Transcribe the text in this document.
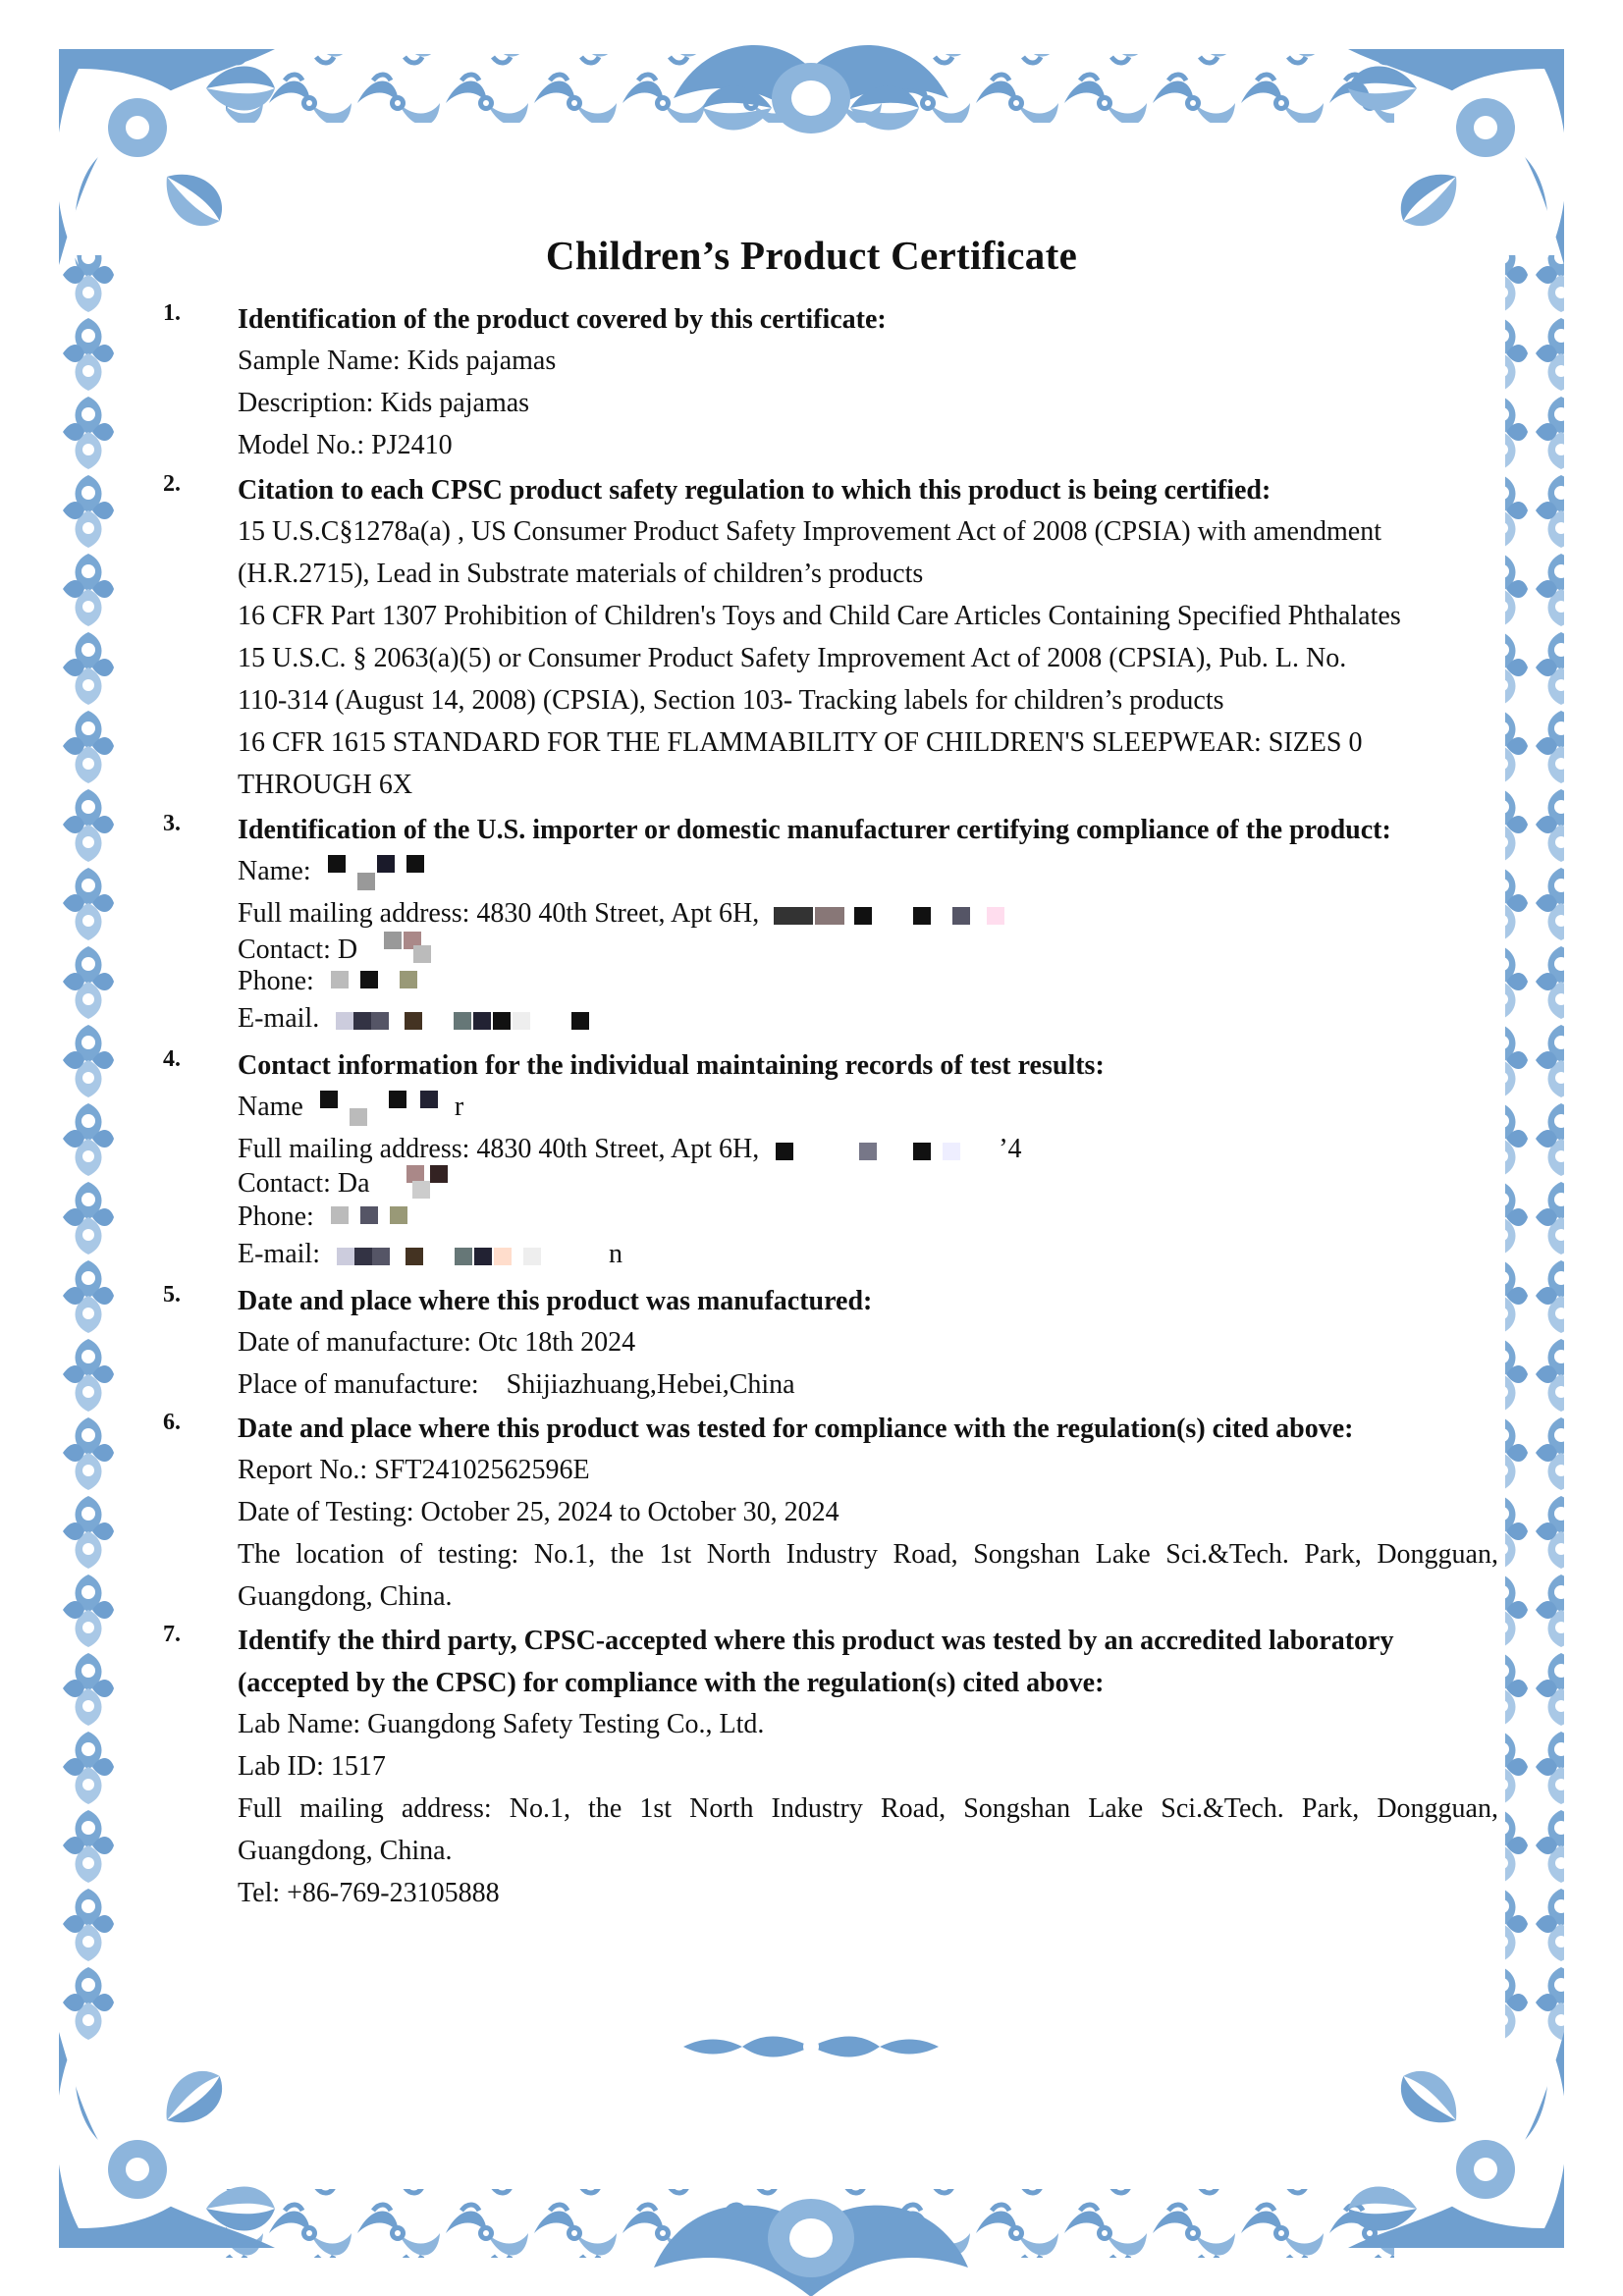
Children’s Product Certificate
1. Identification of the product covered by this certificate:
Sample Name: Kids pajamas
Description: Kids pajamas
Model No.: PJ2410
2. Citation to each CPSC product safety regulation to which this product is being certified:
15 U.S.C§1278a(a) , US Consumer Product Safety Improvement Act of 2008 (CPSIA) with amendment
(H.R.2715), Lead in Substrate materials of children’s products
16 CFR Part 1307 Prohibition of Children's Toys and Child Care Articles Containing Specified Phthalates
15 U.S.C. § 2063(a)(5) or Consumer Product Safety Improvement Act of 2008 (CPSIA), Pub. L. No.
110-314 (August 14, 2008) (CPSIA), Section 103- Tracking labels for children’s products
16 CFR 1615 STANDARD FOR THE FLAMMABILITY OF CHILDREN'S SLEEPWEAR: SIZES 0
THROUGH 6X
3. Identification of the U.S. importer or domestic manufacturer certifying compliance of the product:
Name:
Full mailing address: 4830 40th Street, Apt 6H,
Contact: D
Phone:
E-mail.
4. Contact information for the individual maintaining records of test results:
Name	r
Full mailing address: 4830 40th Street, Apt 6H,	’4
Contact: Da
Phone:
E-mail:	n
5. Date and place where this product was manufactured:
Date of manufacture: Otc 18th 2024
Place of manufacture:    Shijiazhuang,Hebei,China
6. Date and place where this product was tested for compliance with the regulation(s) cited above:
Report No.: SFT24102562596E
Date of Testing: October 25, 2024 to October 30, 2024
The location of testing: No.1, the 1st North Industry Road, Songshan Lake Sci.&Tech. Park, Dongguan,
Guangdong, China.
7. Identify the third party, CPSC-accepted where this product was tested by an accredited laboratory
(accepted by the CPSC) for compliance with the regulation(s) cited above:
Lab Name: Guangdong Safety Testing Co., Ltd.
Lab ID: 1517
Full mailing address: No.1, the 1st North Industry Road, Songshan Lake Sci.&Tech. Park, Dongguan,
Guangdong, China.
Tel: +86-769-23105888
